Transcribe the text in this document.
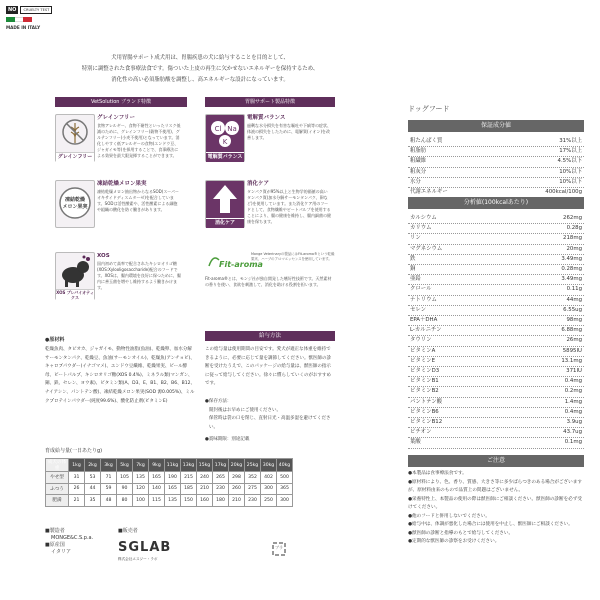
NO	CRUELTY TEST
MADE IN ITALY
犬用胃腸サポート成犬用は、胃腸疾患の犬に給与することを目的として、
特別に調整された食事療法食です。傷ついた上皮の再生に欠かせないエネルギーを保持するため、
消化性の高い必須脂肪酸を調整し、高エネルギーな設計になっています。
VetSolution ブランド特徴	胃腸サポート製品特徴
グレインフリー
グレインフリー
食物アレルギー、食物不耐性といったリスク低減のために、グレインフリー(穀物不使用)、グルテンフリー(小麦不使用)となっています。消化しやすく低アレルギーの食物(エンドウ豆、ジャガイモ等)を採用することで、食事療法による効果を最大限発揮することができます。
Cl Na
K
電解質バランス
電解質バランス
過剰な水分損失を有害な嘔吐や下痢等の症状、体液の損失をしたために、電解質(イオン)を改善します。
凍結乾燥
メロン果実
凍結乾燥メロン果実
凍結乾燥メロン抽出物からなるSOD(スーパーオキサイドディスムターゼ)を配合しています。SODは活性酸素や、活性酸素による細胞や組織の酸化を防ぐ働きがあります。
消化ケア
消化ケア
タンパク質が95%以上と生物学的価値の高いタンパク質(加水分解サーモンタンパク、卵など)を使用しています。また消化ケア用のフードとして、食物繊維やビートパルプを使用することにより、腸の健康を維持し、腸内細菌の健康を保ちます。
XOS プレバイオティクス
XOS
国内初めて高率で配合されたキシロオリゴ糖(XOS:Xylooligosaccharide)配合のフードです。XOSは、腸内環境を良好に保つために、腸内に善玉菌を増やし維持するよう働きかけます。
Fit-aroma
Monge Veterinaryの製品にはFit-aroma®という乾燥果実、ハーブのアロマエッセンスを使用しています。
Fit-aroma®とは、モンジ社が独自開発した嗜好性技術です。天然素材の香りを使い、食欲を刺激して、消化を助ける役割を担います。
●原材料
乾燥魚肉、タピオカ、ジャガイモ、動物性油脂(魚油)、乾燥卵、加水分解サーモンタンパク、乾燥豆、魚油(サーモンオイル)、乾燥魚(アンチョビ)、キャロブパウダー(イナゴマメ)、エンドウ豆繊維、乾燥果実、ビール酵母、ビートパルプ、キシロオリゴ糖(XOS 0.4%)、ミネラル類(マンガン、銅、鉄、セレン、ヨウ素)、ビタミン類(A、D3、E、B1、B2、B6、B12、ナイアシン、パントテン酸)、凍結乾燥メロン果実(SOD 源0.005%)、ミルクプロテインパウダー(純度99.6%)、酸化防止剤(ビタミンE)
給与方法
この給与量は使用期間の目安です。愛犬が適正な体重を維持できるように、必要に応じて量を調節してください。獣医師の診断を受けたうえで、このパッケージの給与量は、獣医師の指示に従って給与してください。徐々に慣らしていくのがおすすめです。
●保存方法：
開封後はお早めにご使用ください。
保管時は袋の口を閉じ、直射日光・高温多湿を避けてください。
●賞味期限：別途記載
育成給与量(一日あたりg)
成犬の体重	1kg	2kg	3kg	5kg	7kg	9kg	11kg	13kg	15kg	17kg	20kg	25kg	30kg	40kg
やせ型	31	53	71	105	135	165	190	215	240	265	298	352	402	500
ふつう	26	44	59	90	120	140	165	185	210	230	260	275	300	365
肥満	21	35	48	80	100	115	135	150	160	180	210	230	250	300
■製造者
MONGE&C.S.p.a.
■原産国
イタリア
■販売者
SGLAB
株式会社エスジー・ラボ
プラ
ドッグフード
保証成分値
粗たんぱく質	31%以上
粗脂肪	17%以上
粗繊維	4.5%以下
粗灰分	10%以下
水分	10%以下
代謝エネルギー	400kcal/100g
分析値(100kcalあたり)
カルシウム	262mg
カリウム	0.28g
リン	218mg
マグネシウム	20mg
鉄	3.49mg
銅	0.28mg
亜鉛	3.49mg
クロール	0.11g
ナトリウム	44mg
セレン	6.55ug
EPA＋DHA	98mg
L-カルニチン	6.88mg
タウリン	26mg
ビタミンA	5895IU
ビタミンE	13.1mg
ビタミンD3	371IU
ビタミンB1	0.4mg
ビタミンB2	0.2mg
パントテン酸	1.4mg
ビタミンB6	0.4mg
ビタミンB12	3.9ug
ビチオン	43.7ug
葉酸	0.1mg
ご注意
●本製品は食事療法食です。
●原材料により、色、香り、質感、大きさ等に多少ばらつきのある場合がございますが、原材料由来のもので品質上の問題はございません。
●栄養特性上、本製品の使用の際は獣医師にご相談ください。獣医師の診断を必ず受けてください。
●他のフードと併用しないでください。
●給与中は、体調が悪化した場合には使用を中止し、獣医師にご相談ください。
●獣医師の診断と指導のもとで給与してください。
●定期的な獣医師の診察をお受けください。
